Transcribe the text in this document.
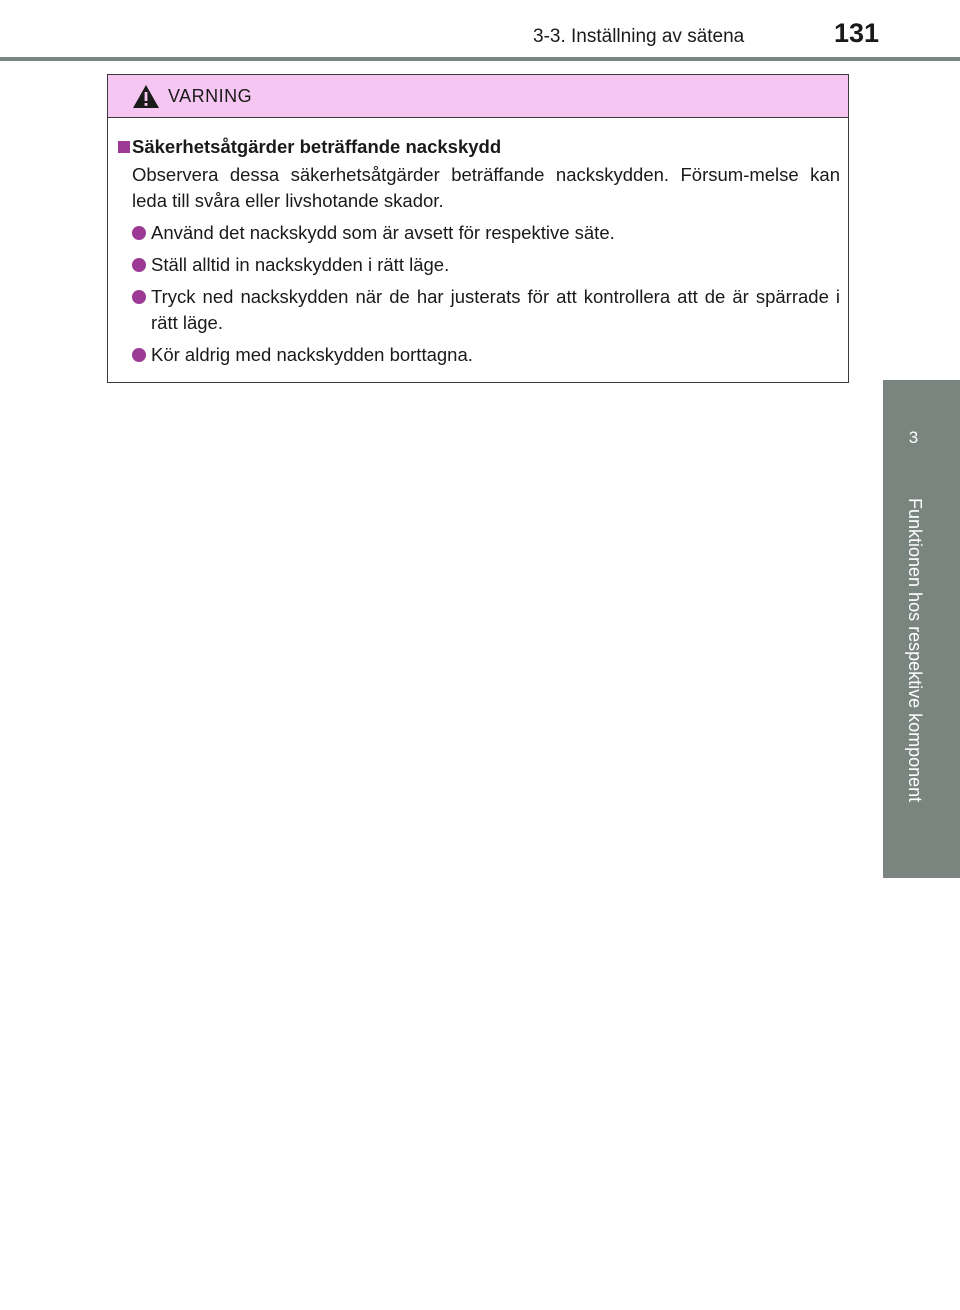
3-3. Inställning av sätena	131
3
Funktionen hos respektive komponent
VARNING
Säkerhetsåtgärder beträffande nackskydd
Observera dessa säkerhetsåtgärder beträffande nackskydden. Försum-melse kan leda till svåra eller livshotande skador.
Använd det nackskydd som är avsett för respektive säte.
Ställ alltid in nackskydden i rätt läge.
Tryck ned nackskydden när de har justerats för att kontrollera att de är spärrade i rätt läge.
Kör aldrig med nackskydden borttagna.
